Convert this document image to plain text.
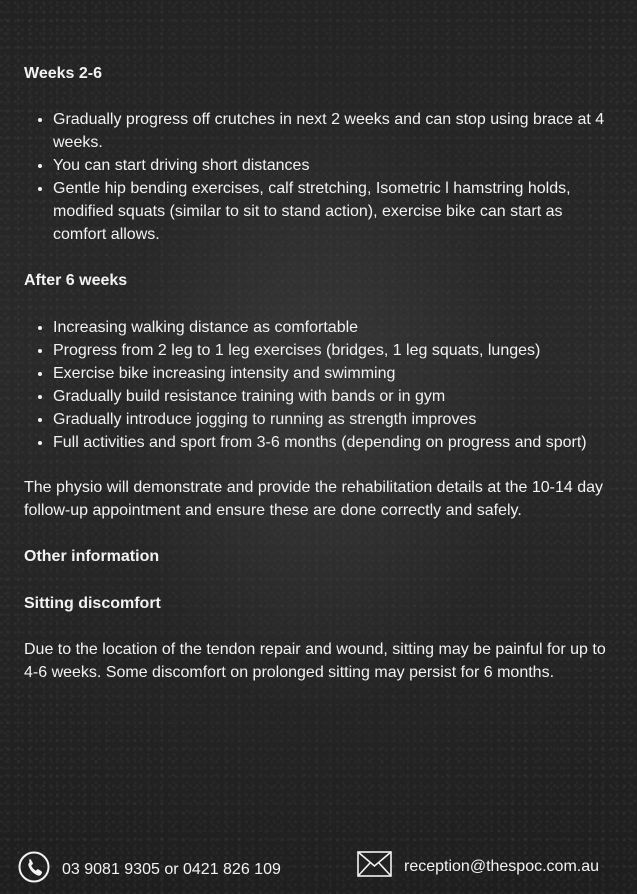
Weeks 2-6

• Gradually progress off crutches in next 2 weeks and can stop using brace at 4 weeks.
• You can start driving short distances
• Gentle hip bending exercises, calf stretching, Isometric l hamstring holds, modified squats (similar to sit to stand action), exercise bike can start as comfort allows.

After 6 weeks

• Increasing walking distance as comfortable
• Progress from 2 leg to 1 leg exercises (bridges, 1 leg squats, lunges)
• Exercise bike increasing intensity and swimming
• Gradually build resistance training with bands or in gym
• Gradually introduce jogging to running as strength improves
• Full activities and sport from 3-6 months (depending on progress and sport)

The physio will demonstrate and provide the rehabilitation details at the 10-14 day follow-up appointment and ensure these are done correctly and safely.

Other information

Sitting discomfort

Due to the location of the tendon repair and wound, sitting may be painful for up to 4-6 weeks. Some discomfort on prolonged sitting may persist for 6 months.

03 9081 9305 or 0421 826 109	reception@thespoc.com.au
